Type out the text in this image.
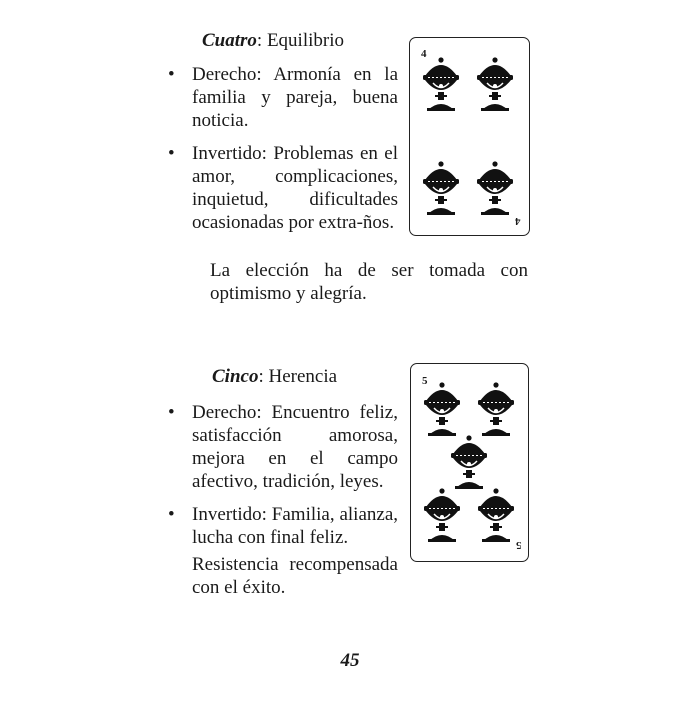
Cuatro: Equilibrio
• Derecho: Armonía en la familia y pareja, buena noticia.
• Invertido: Problemas en el amor, complicaciones, inquietud, dificultades ocasionadas por extra-ños.
La elección ha de ser tomada con optimismo y alegría.
4
4
Cinco: Herencia
• Derecho: Encuentro feliz, satisfacción amorosa, mejora en el campo afectivo, tradición, leyes.
• Invertido: Familia, alianza, lucha con final feliz.
Resistencia recompensada con el éxito.
5
5
45
